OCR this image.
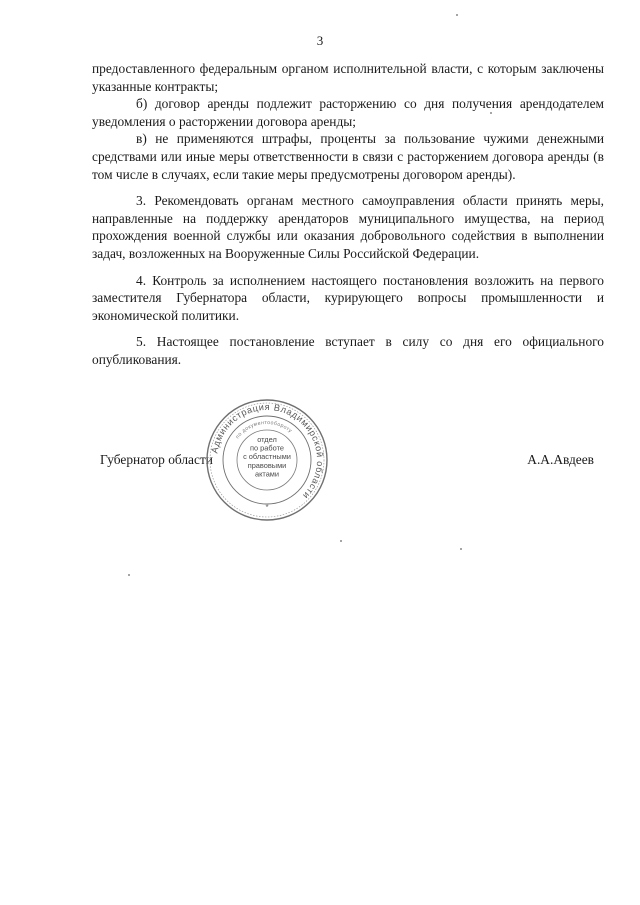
3

предоставленного федеральным органом исполнительной власти, с которым заключены указанные контракты;

б) договор аренды подлежит расторжению со дня получения арендодателем уведомления о расторжении договора аренды;

в) не применяются штрафы, проценты за пользование чужими денежными средствами или иные меры ответственности в связи с расторжением договора аренды (в том числе в случаях, если такие меры предусмотрены договором аренды).

3. Рекомендовать органам местного самоуправления области принять меры, направленные на поддержку арендаторов муниципального имущества, на период прохождения военной службы или оказания добровольного содействия в выполнении задач, возложенных на Вооруженные Силы Российской Федерации.

4. Контроль за исполнением настоящего постановления возложить на первого заместителя Губернатора области, курирующего вопросы промышленности и экономической политики.

5. Настоящее постановление вступает в силу со дня его официального опубликования.

Губернатор области	А.А.Авдеев
Администрация Владимирской области
по документообороту
отдел по работе с областными правовыми актами
*
